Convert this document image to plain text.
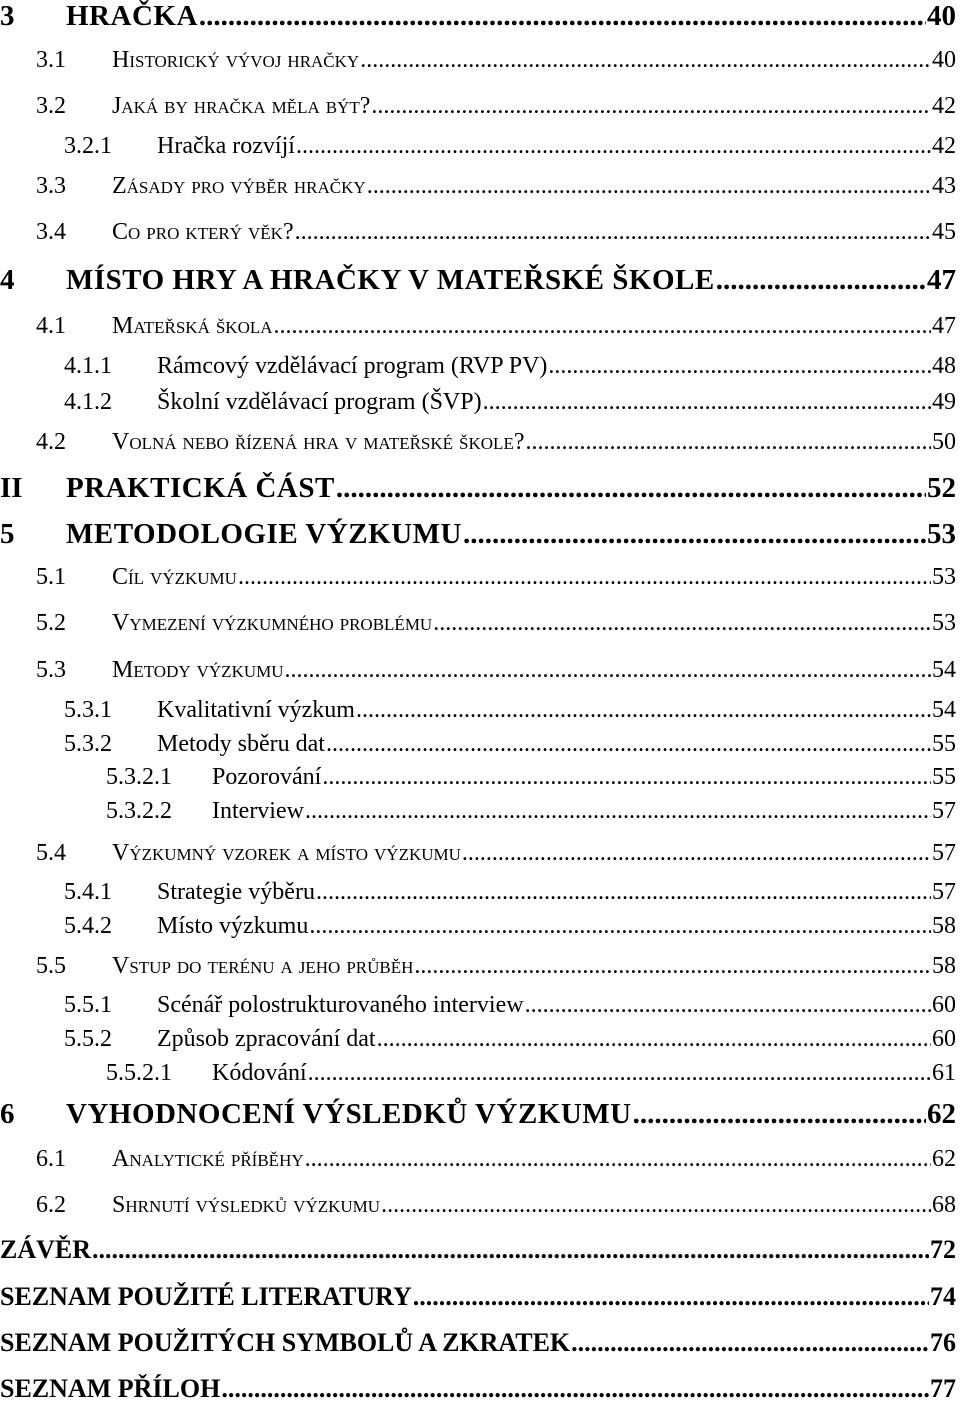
3	HRAČKA .....	40
3.1	Historický vývoj hračky .....	40
3.2	Jaká by hračka měla být? .....	42
3.2.1	Hračka rozvíjí .....	42
3.3	Zásady pro výběr hračky .....	43
3.4	Co pro který věk? .....	45
4	MÍSTO HRY A HRAČKY V MATEŘSKÉ ŠKOLE .....	47
4.1	Mateřská škola .....	47
4.1.1	Rámcový vzdělávací program (RVP PV) .....	48
4.1.2	Školní vzdělávací program (ŠVP) .....	49
4.2	Volná nebo řízená hra v mateřské škole? .....	50
II	PRAKTICKÁ ČÁST .....	52
5	METODOLOGIE VÝZKUMU .....	53
5.1	Cíl výzkumu .....	53
5.2	Vymezení výzkumného problému .....	53
5.3	Metody výzkumu .....	54
5.3.1	Kvalitativní výzkum .....	54
5.3.2	Metody sběru dat .....	55
5.3.2.1	Pozorování .....	55
5.3.2.2	Interview .....	57
5.4	Výzkumný vzorek a místo výzkumu .....	57
5.4.1	Strategie výběru .....	57
5.4.2	Místo výzkumu .....	58
5.5	Vstup do terénu a jeho průběh .....	58
5.5.1	Scénář polostrukturovaného interview .....	60
5.5.2	Způsob zpracování dat .....	60
5.5.2.1	Kódování .....	61
6	VYHODNOCENÍ VÝSLEDKŮ VÝZKUMU .....	62
6.1	Analytické příběhy .....	62
6.2	Shrnutí výsledků výzkumu .....	68
ZÁVĚR .....	72
SEZNAM POUŽITÉ LITERATURY .....	74
SEZNAM POUŽITÝCH SYMBOLŮ A ZKRATEK .....	76
SEZNAM PŘÍLOH .....	77
